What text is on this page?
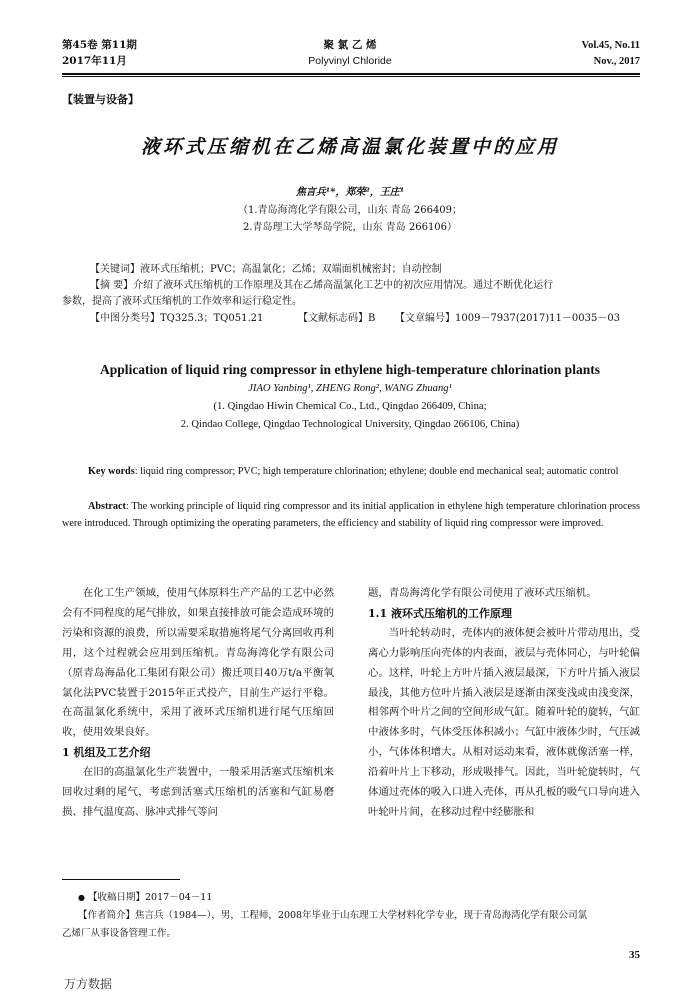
第45卷 第11期
2017年11月
聚 氯 乙 烯
Polyvinyl Chloride
Vol.45, No.11
Nov., 2017
【装置与设备】
液环式压缩机在乙烯高温氯化装置中的应用
焦言兵¹*，郑荣²，王庄¹
（1.青岛海湾化学有限公司，山东 青岛 266409；
2.青岛理工大学琴岛学院，山东 青岛 266106）
【关键词】液环式压缩机；PVC；高温氯化；乙烯；双端面机械密封；自动控制
【摘 要】介绍了液环式压缩机的工作原理及其在乙烯高温氯化工艺中的初次应用情况。通过不断优化运行
参数，提高了液环式压缩机的工作效率和运行稳定性。
【中图分类号】TQ325.3；TQ051.21	【文献标志码】B 【文章编号】1009－7937(2017)11－0035－03
Application of liquid ring compressor in ethylene high-temperature chlorination plants
JIAO Yanbing¹, ZHENG Rong², WANG Zhuang¹
(1. Qingdao Hiwin Chemical Co., Ltd., Qingdao 266409, China;
2. Qindao College, Qingdao Technological University, Qingdao 266106, China)
Key words: liquid ring compressor; PVC; high temperature chlorination; ethylene; double end mechanical seal; automatic control
Abstract: The working principle of liquid ring compressor and its initial application in ethylene high temperature chlorination process were introduced. Through optimizing the operating parameters, the efficiency and stability of liquid ring compressor were improved.

在化工生产领域，使用气体原料生产产品的工艺中必然会有不同程度的尾气排放，如果直接排放可能会造成环境的污染和资源的浪费，所以需要采取措施将尾气分离回收再利用，这个过程就会应用到压缩机。青岛海湾化学有限公司（原青岛海晶化工集团有限公司）搬迁项目40万t/a平衡氧氯化法PVC装置于2015年正式投产，目前生产运行平稳。在高温氯化系统中，采用了液环式压缩机进行尾气压缩回收，使用效果良好。

1 机组及工艺介绍

在旧的高温氯化生产装置中，一般采用活塞式压缩机来回收过剩的尾气，考虑到活塞式压缩机的活塞和气缸易磨损、排气温度高、脉冲式排气等问

题，青岛海湾化学有限公司使用了液环式压缩机。

1.1 液环式压缩机的工作原理

当叶轮转动时，壳体内的液体便会被叶片带动甩出，受离心力影响压向壳体的内表面，液层与壳体同心，与叶轮偏心。这样，叶轮上方叶片插入液层最深，下方叶片插入液层最浅，其他方位叶片插入液层是逐渐由深变浅或由浅变深，相邻两个叶片之间的空间形成气缸。随着叶轮的旋转，气缸中液体多时，气体受压体积减小；气缸中液体少时，气压减小，气体体积增大。从相对运动来看，液体就像活塞一样，沿着叶片上下移动，形成吸排气。因此，当叶轮旋转时，气体通过壳体的吸入口进入壳体，再从孔板的吸气口导向进入叶轮叶片间，在移动过程中经膨胀和

● 【收稿日期】2017－04－11
【作者简介】焦言兵（1984—），男，工程师，2008年毕业于山东理工大学材料化学专业，现于青岛海湾化学有限公司氯
乙烯厂从事设备管理工作。
35
万方数据
